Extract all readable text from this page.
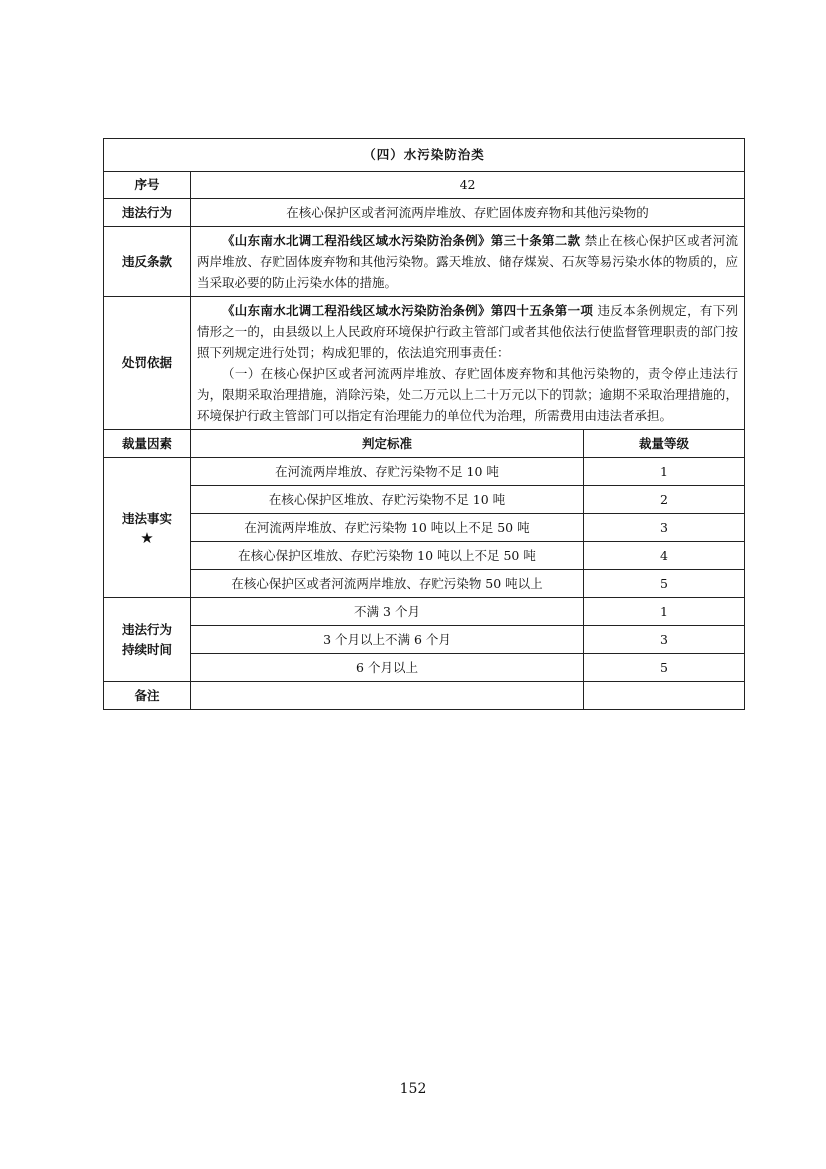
（四）水污染防治类		
序号	42	
违法行为	在核心保护区或者河流两岸堆放、存贮固体废弃物和其他污染物的	
违反条款	《山东南水北调工程沿线区域水污染防治条例》第三十条第二款 禁止在核心保护区或者河流两岸堆放、存贮固体废弃物和其他污染物。露天堆放、储存煤炭、石灰等易污染水体的物质的，应当采取必要的防止污染水体的措施。	

处罚依据	《山东南水北调工程沿线区域水污染防治条例》第四十五条第一项 违反本条例规定，有下列情形之一的，由县级以上人民政府环境保护行政主管部门或者其他依法行使监督管理职责的部门按照下列规定进行处罚；构成犯罪的，依法追究刑事责任：

（一）在核心保护区或者河流两岸堆放、存贮固体废弃物和其他污染物的，责令停止违法行为，限期采取治理措施，消除污染，处二万元以上二十万元以下的罚款；逾期不采取治理措施的，环境保护行政主管部门可以指定有治理能力的单位代为治理，所需费用由违法者承担。	

裁量因素	判定标准	裁量等级
违法事实
★	在河流两岸堆放、存贮污染物不足 10 吨	1
	在核心保护区堆放、存贮污染物不足 10 吨	2
	在河流两岸堆放、存贮污染物 10 吨以上不足 50 吨	3
	在核心保护区堆放、存贮污染物 10 吨以上不足 50 吨	4
	在核心保护区或者河流两岸堆放、存贮污染物 50 吨以上	5

违法行为
持续时间	不满 3 个月	1
	3 个月以上不满 6 个月	3
	6 个月以上	5
备注		
152
